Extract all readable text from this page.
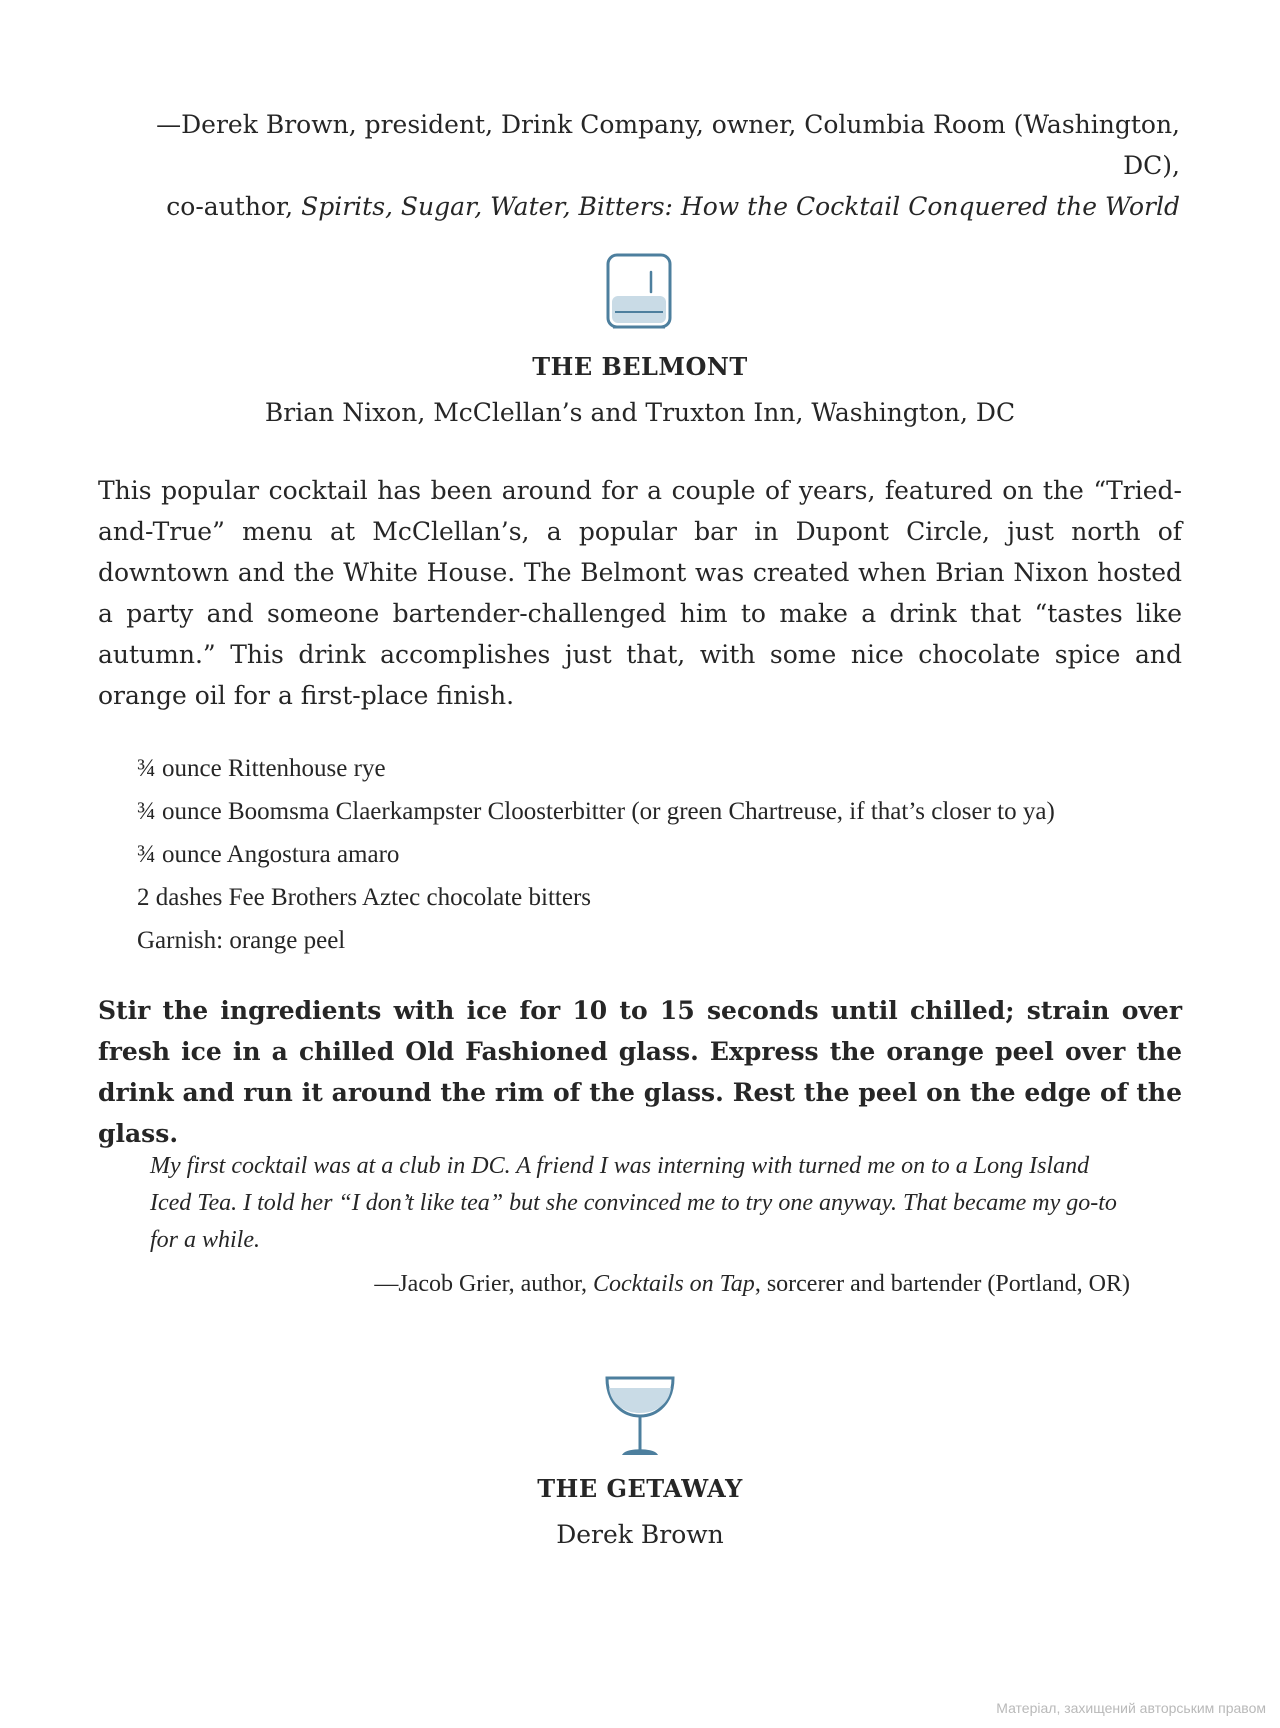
—Derek Brown, president, Drink Company, owner, Columbia Room (Washington, DC),
co-author, Spirits, Sugar, Water, Bitters: How the Cocktail Conquered the World
THE BELMONT
Brian Nixon, McClellan’s and Truxton Inn, Washington, DC

This popular cocktail has been around for a couple of years, featured on the “Tried-and-True” menu at McClellan’s, a popular bar in Dupont Circle, just north of downtown and the White House. The Belmont was created when Brian Nixon hosted a party and someone bartender-challenged him to make a drink that “tastes like autumn.” This drink accomplishes just that, with some nice chocolate spice and orange oil for a first-place finish.

¾ ounce Rittenhouse rye
¾ ounce Boomsma Claerkampster Cloosterbitter (or green Chartreuse, if that’s closer to ya)
¾ ounce Angostura amaro
2 dashes Fee Brothers Aztec chocolate bitters
Garnish: orange peel

Stir the ingredients with ice for 10 to 15 seconds until chilled; strain over fresh ice in a chilled Old Fashioned glass. Express the orange peel over the drink and run it around the rim of the glass. Rest the peel on the edge of the glass.

My first cocktail was at a club in DC. A friend I was interning with turned me on to a Long Island Iced Tea. I told her “I don’t like tea” but she convinced me to try one anyway. That became my go-to for a while.

—Jacob Grier, author, Cocktails on Tap, sorcerer and bartender (Portland, OR)
THE GETAWAY
Derek Brown
Матеріал, захищений авторським правом
